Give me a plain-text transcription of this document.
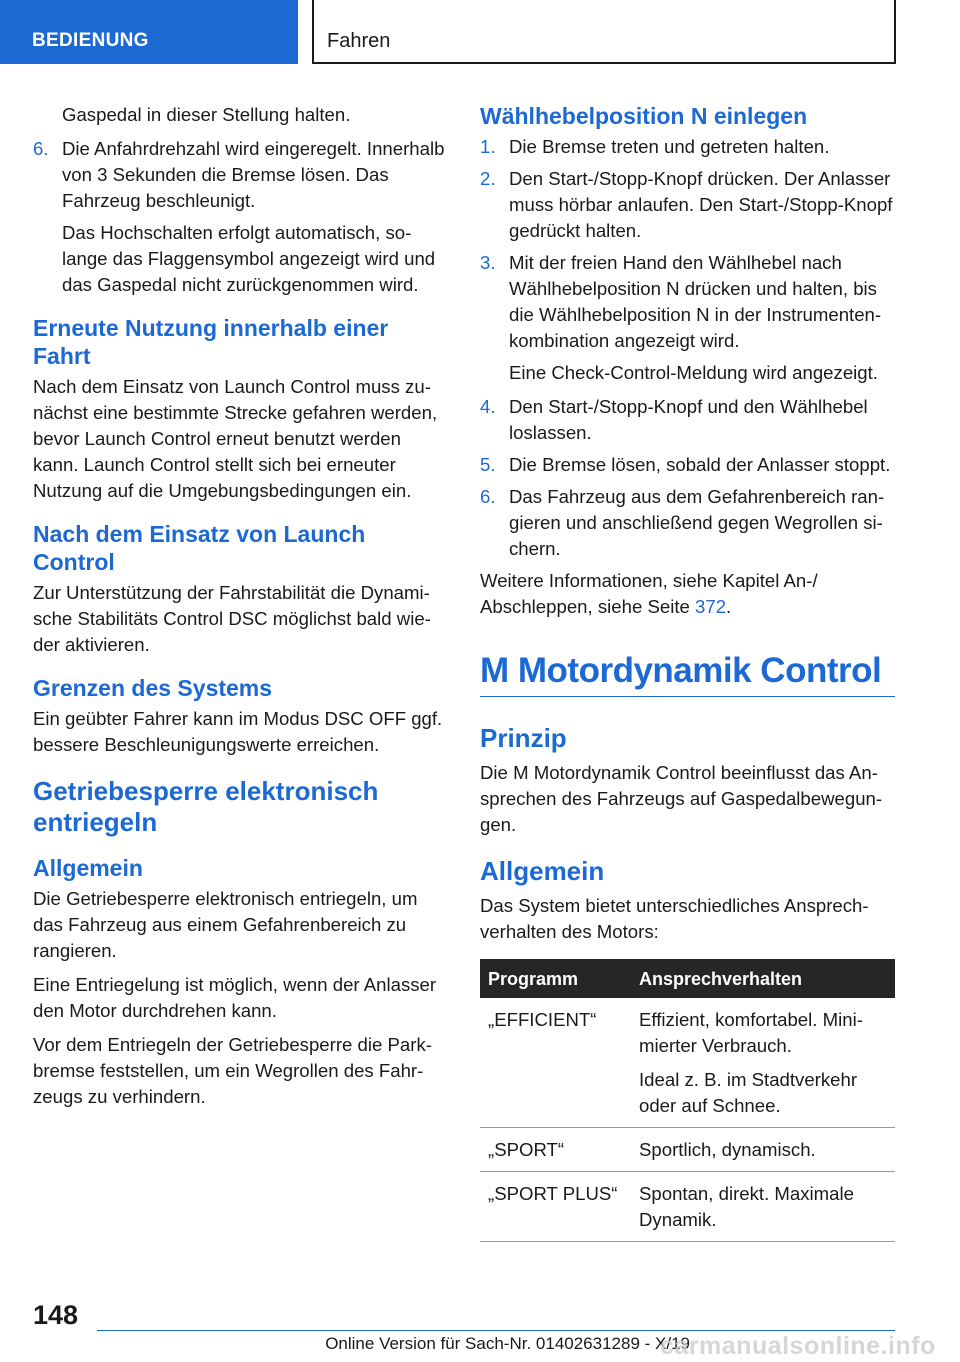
BEDIENUNG	Fahren

Gaspedal in dieser Stellung halten.

6. Die Anfahrdrehzahl wird eingeregelt. Innerhalb von 3 Sekunden die Bremse lösen. Das Fahrzeug beschleunigt.

Das Hochschalten erfolgt automatisch, solange das Flaggensymbol angezeigt wird und das Gaspedal nicht zurückgenommen wird.

Erneute Nutzung innerhalb einer Fahrt

Nach dem Einsatz von Launch Control muss zunächst eine bestimmte Strecke gefahren werden, bevor Launch Control erneut benutzt werden kann. Launch Control stellt sich bei erneuter Nutzung auf die Umgebungsbedingungen ein.

Nach dem Einsatz von Launch Control

Zur Unterstützung der Fahrstabilität die Dynamische Stabilitäts Control DSC möglichst bald wieder aktivieren.

Grenzen des Systems

Ein geübter Fahrer kann im Modus DSC OFF ggf. bessere Beschleunigungswerte erreichen.

Getriebesperre elektronisch entriegeln
Allgemein

Die Getriebesperre elektronisch entriegeln, um das Fahrzeug aus einem Gefahrenbereich zu rangieren.

Eine Entriegelung ist möglich, wenn der Anlasser den Motor durchdrehen kann.

Vor dem Entriegeln der Getriebesperre die Parkbremse feststellen, um ein Wegrollen des Fahrzeugs zu verhindern.

Wählhebelposition N einlegen
1. Die Bremse treten und getreten halten.
2. Den Start-/Stopp-Knopf drücken. Der Anlasser muss hörbar anlaufen. Den Start-/Stopp-Knopf gedrückt halten.
3. Mit der freien Hand den Wählhebel nach Wählhebelposition N drücken und halten, bis die Wählhebelposition N in der Instrumentenkombination angezeigt wird.

Eine Check-Control-Meldung wird angezeigt.

4. Den Start-/Stopp-Knopf und den Wählhebel loslassen.
5. Die Bremse lösen, sobald der Anlasser stoppt.
6. Das Fahrzeug aus dem Gefahrenbereich rangieren und anschließend gegen Wegrollen sichern.

Weitere Informationen, siehe Kapitel An-/ Abschleppen, siehe Seite 372.

M Motordynamik Control
Prinzip

Die M Motordynamik Control beeinflusst das Ansprechen des Fahrzeugs auf Gaspedalbewegungen.

Allgemein

Das System bietet unterschiedliches Ansprechverhalten des Motors:

Programm	Ansprechverhalten
„EFFICIENT“	Effizient, komfortabel. Minimierter Verbrauch.

Ideal z. B. im Stadtverkehr oder auf Schnee.

„SPORT“	Sportlich, dynamisch.

„SPORT PLUS“	Spontan, direkt. Maximale Dynamik.

148
Online Version für Sach-Nr. 01402631289 - X/19
carmanualsonline.info
